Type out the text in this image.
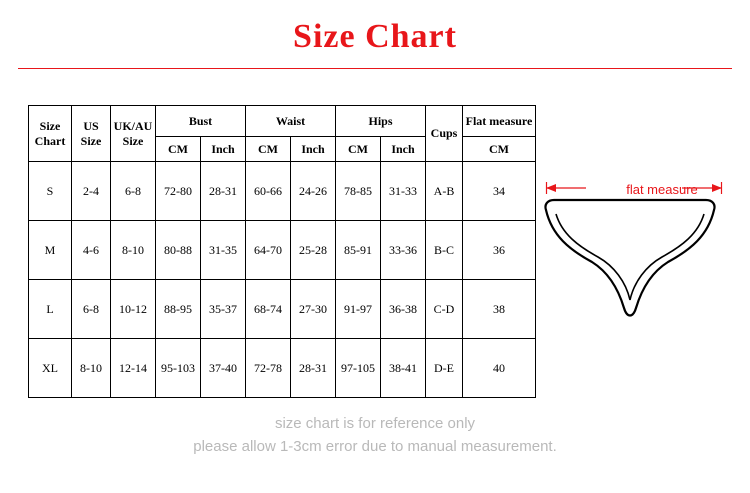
Size Chart
Size Chart	US Size	UK/AU Size	Bust		Waist		Hips		Cups	Flat measure
			CM	Inch	CM	Inch	CM	Inch		CM
S	2-4	6-8	72-80	28-31	60-66	24-26	78-85	31-33	A-B	34
M	4-6	8-10	80-88	31-35	64-70	25-28	85-91	33-36	B-C	36
L	6-8	10-12	88-95	35-37	68-74	27-30	91-97	36-38	C-D	38
XL	8-10	12-14	95-103	37-40	72-78	28-31	97-105	38-41	D-E	40
flat measure
size chart is for reference only
please allow 1-3cm error due to manual measurement.
